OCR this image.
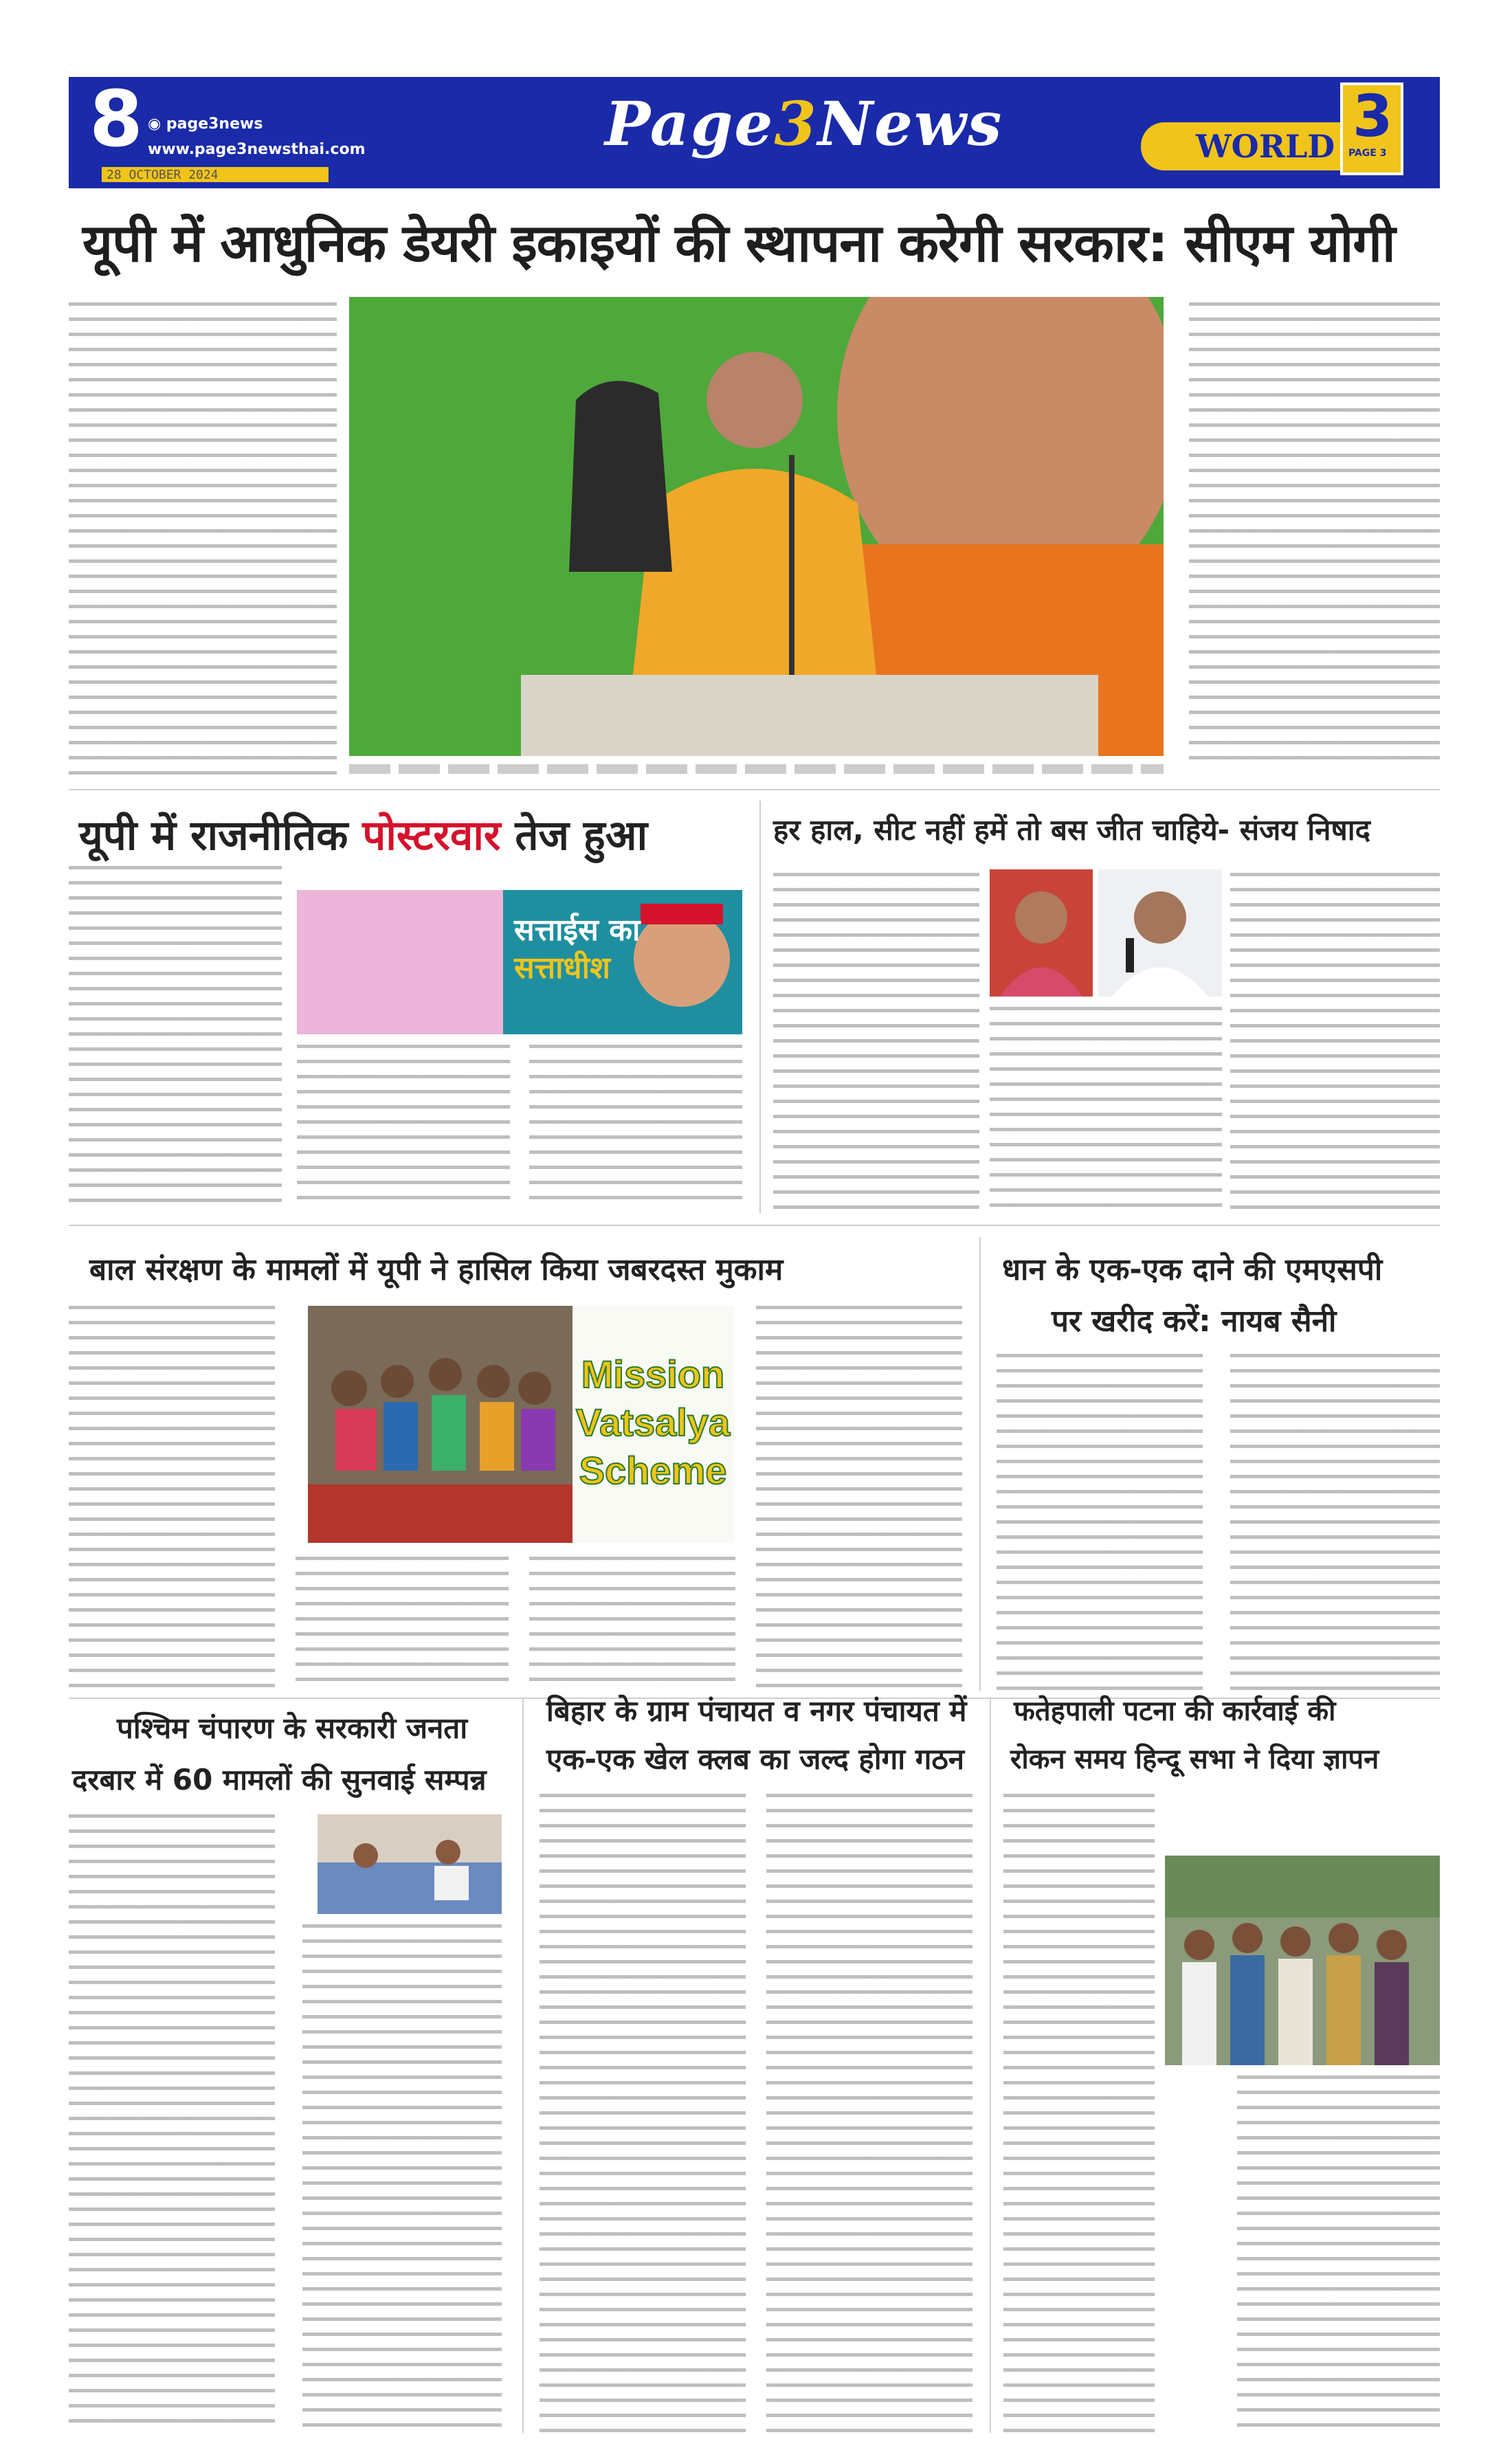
8 ◉ page3news
www.page3newsthai.com
28 OCTOBER 2024
Page3News	WORLD 3
PAGE 3
यूपी में आधुनिक डेयरी इकाइयों की स्थापना करेगी सरकार: सीएम योगी
यूपी में राजनीतिक पोस्टरवार तेज हुआ
सत्ताईस का
सत्ताधीश
हर हाल, सीट नहीं हमें तो बस जीत चाहिये- संजय निषाद
बाल संरक्षण के मामलों में यूपी ने हासिल किया जबरदस्त मुकाम
Mission
Vatsalya
Scheme
धान के एक-एक दाने की एमएसपी
पर खरीद करें: नायब सैनी
पश्चिम चंपारण के सरकारी जनता
दरबार में 60 मामलों की सुनवाई सम्पन्न
बिहार के ग्राम पंचायत व नगर पंचायत में
एक-एक खेल क्लब का जल्द होगा गठन
फतेहपाली पटना की कार्रवाई की
रोकन समय हिन्दू सभा ने दिया ज्ञापन
